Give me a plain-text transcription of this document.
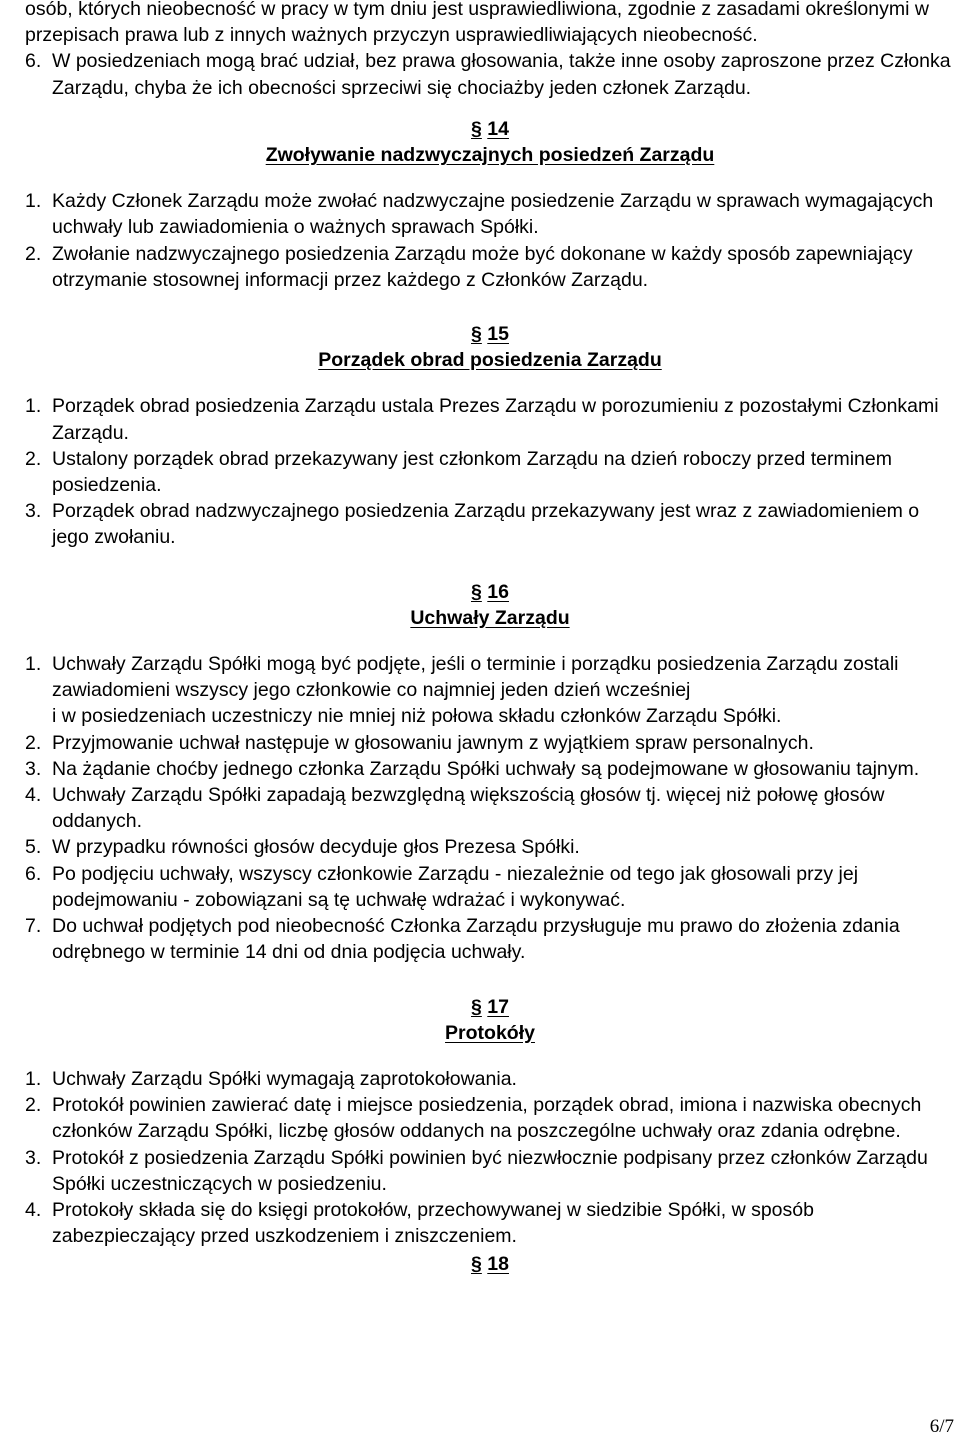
osób, których nieobecność w pracy w tym dniu jest usprawiedliwiona, zgodnie z zasadami określonymi w przepisach prawa lub z innych ważnych przyczyn usprawiedliwiających nieobecność.

6. W posiedzeniach mogą brać udział, bez prawa głosowania, także inne osoby zaproszone przez Członka Zarządu, chyba że ich obecności sprzeciwi się chociażby jeden członek Zarządu.

§ 14
Zwoływanie nadzwyczajnych posiedzeń Zarządu
1. Każdy Członek Zarządu może zwołać nadzwyczajne posiedzenie Zarządu w sprawach wymagających uchwały lub zawiadomienia o ważnych sprawach Spółki.

2. Zwołanie nadzwyczajnego posiedzenia Zarządu może być dokonane w każdy sposób zapewniający otrzymanie stosownej informacji przez każdego z Członków Zarządu.

§ 15
Porządek obrad posiedzenia Zarządu
1. Porządek obrad posiedzenia Zarządu ustala Prezes Zarządu w porozumieniu z pozostałymi Członkami Zarządu.

2. Ustalony porządek obrad przekazywany jest członkom Zarządu na dzień roboczy przed terminem posiedzenia.

3. Porządek obrad nadzwyczajnego posiedzenia Zarządu przekazywany jest wraz z zawiadomieniem o jego zwołaniu.

§ 16
Uchwały Zarządu
1. Uchwały Zarządu Spółki mogą być podjęte, jeśli o terminie i porządku posiedzenia Zarządu zostali zawiadomieni wszyscy jego członkowie co najmniej jeden dzień wcześniej

i w posiedzeniach uczestniczy nie mniej niż połowa składu członków Zarządu Spółki.

2. Przyjmowanie uchwał następuje w głosowaniu jawnym z wyjątkiem spraw personalnych.

3. Na żądanie choćby jednego członka Zarządu Spółki uchwały są podejmowane w głosowaniu tajnym.

4. Uchwały Zarządu Spółki zapadają bezwzględną większością głosów tj. więcej niż połowę głosów oddanych.

5. W przypadku równości głosów decyduje głos Prezesa Spółki.

6. Po podjęciu uchwały, wszyscy członkowie Zarządu - niezależnie od tego jak głosowali przy jej podejmowaniu - zobowiązani są tę uchwałę wdrażać i wykonywać.

7. Do uchwał podjętych pod nieobecność Członka Zarządu przysługuje mu prawo do złożenia zdania odrębnego w terminie 14 dni od dnia podjęcia uchwały.

§ 17
Protokóły
1. Uchwały Zarządu Spółki wymagają zaprotokołowania.

2. Protokół powinien zawierać datę i miejsce posiedzenia, porządek obrad, imiona i nazwiska obecnych członków Zarządu Spółki, liczbę głosów oddanych na poszczególne uchwały oraz zdania odrębne.

3. Protokół z posiedzenia Zarządu Spółki powinien być niezwłocznie podpisany przez członków Zarządu Spółki uczestniczących w posiedzeniu.

4. Protokoły składa się do księgi protokołów, przechowywanej w siedzibie Spółki, w sposób zabezpieczający przed uszkodzeniem i zniszczeniem.

§ 18
6/7
